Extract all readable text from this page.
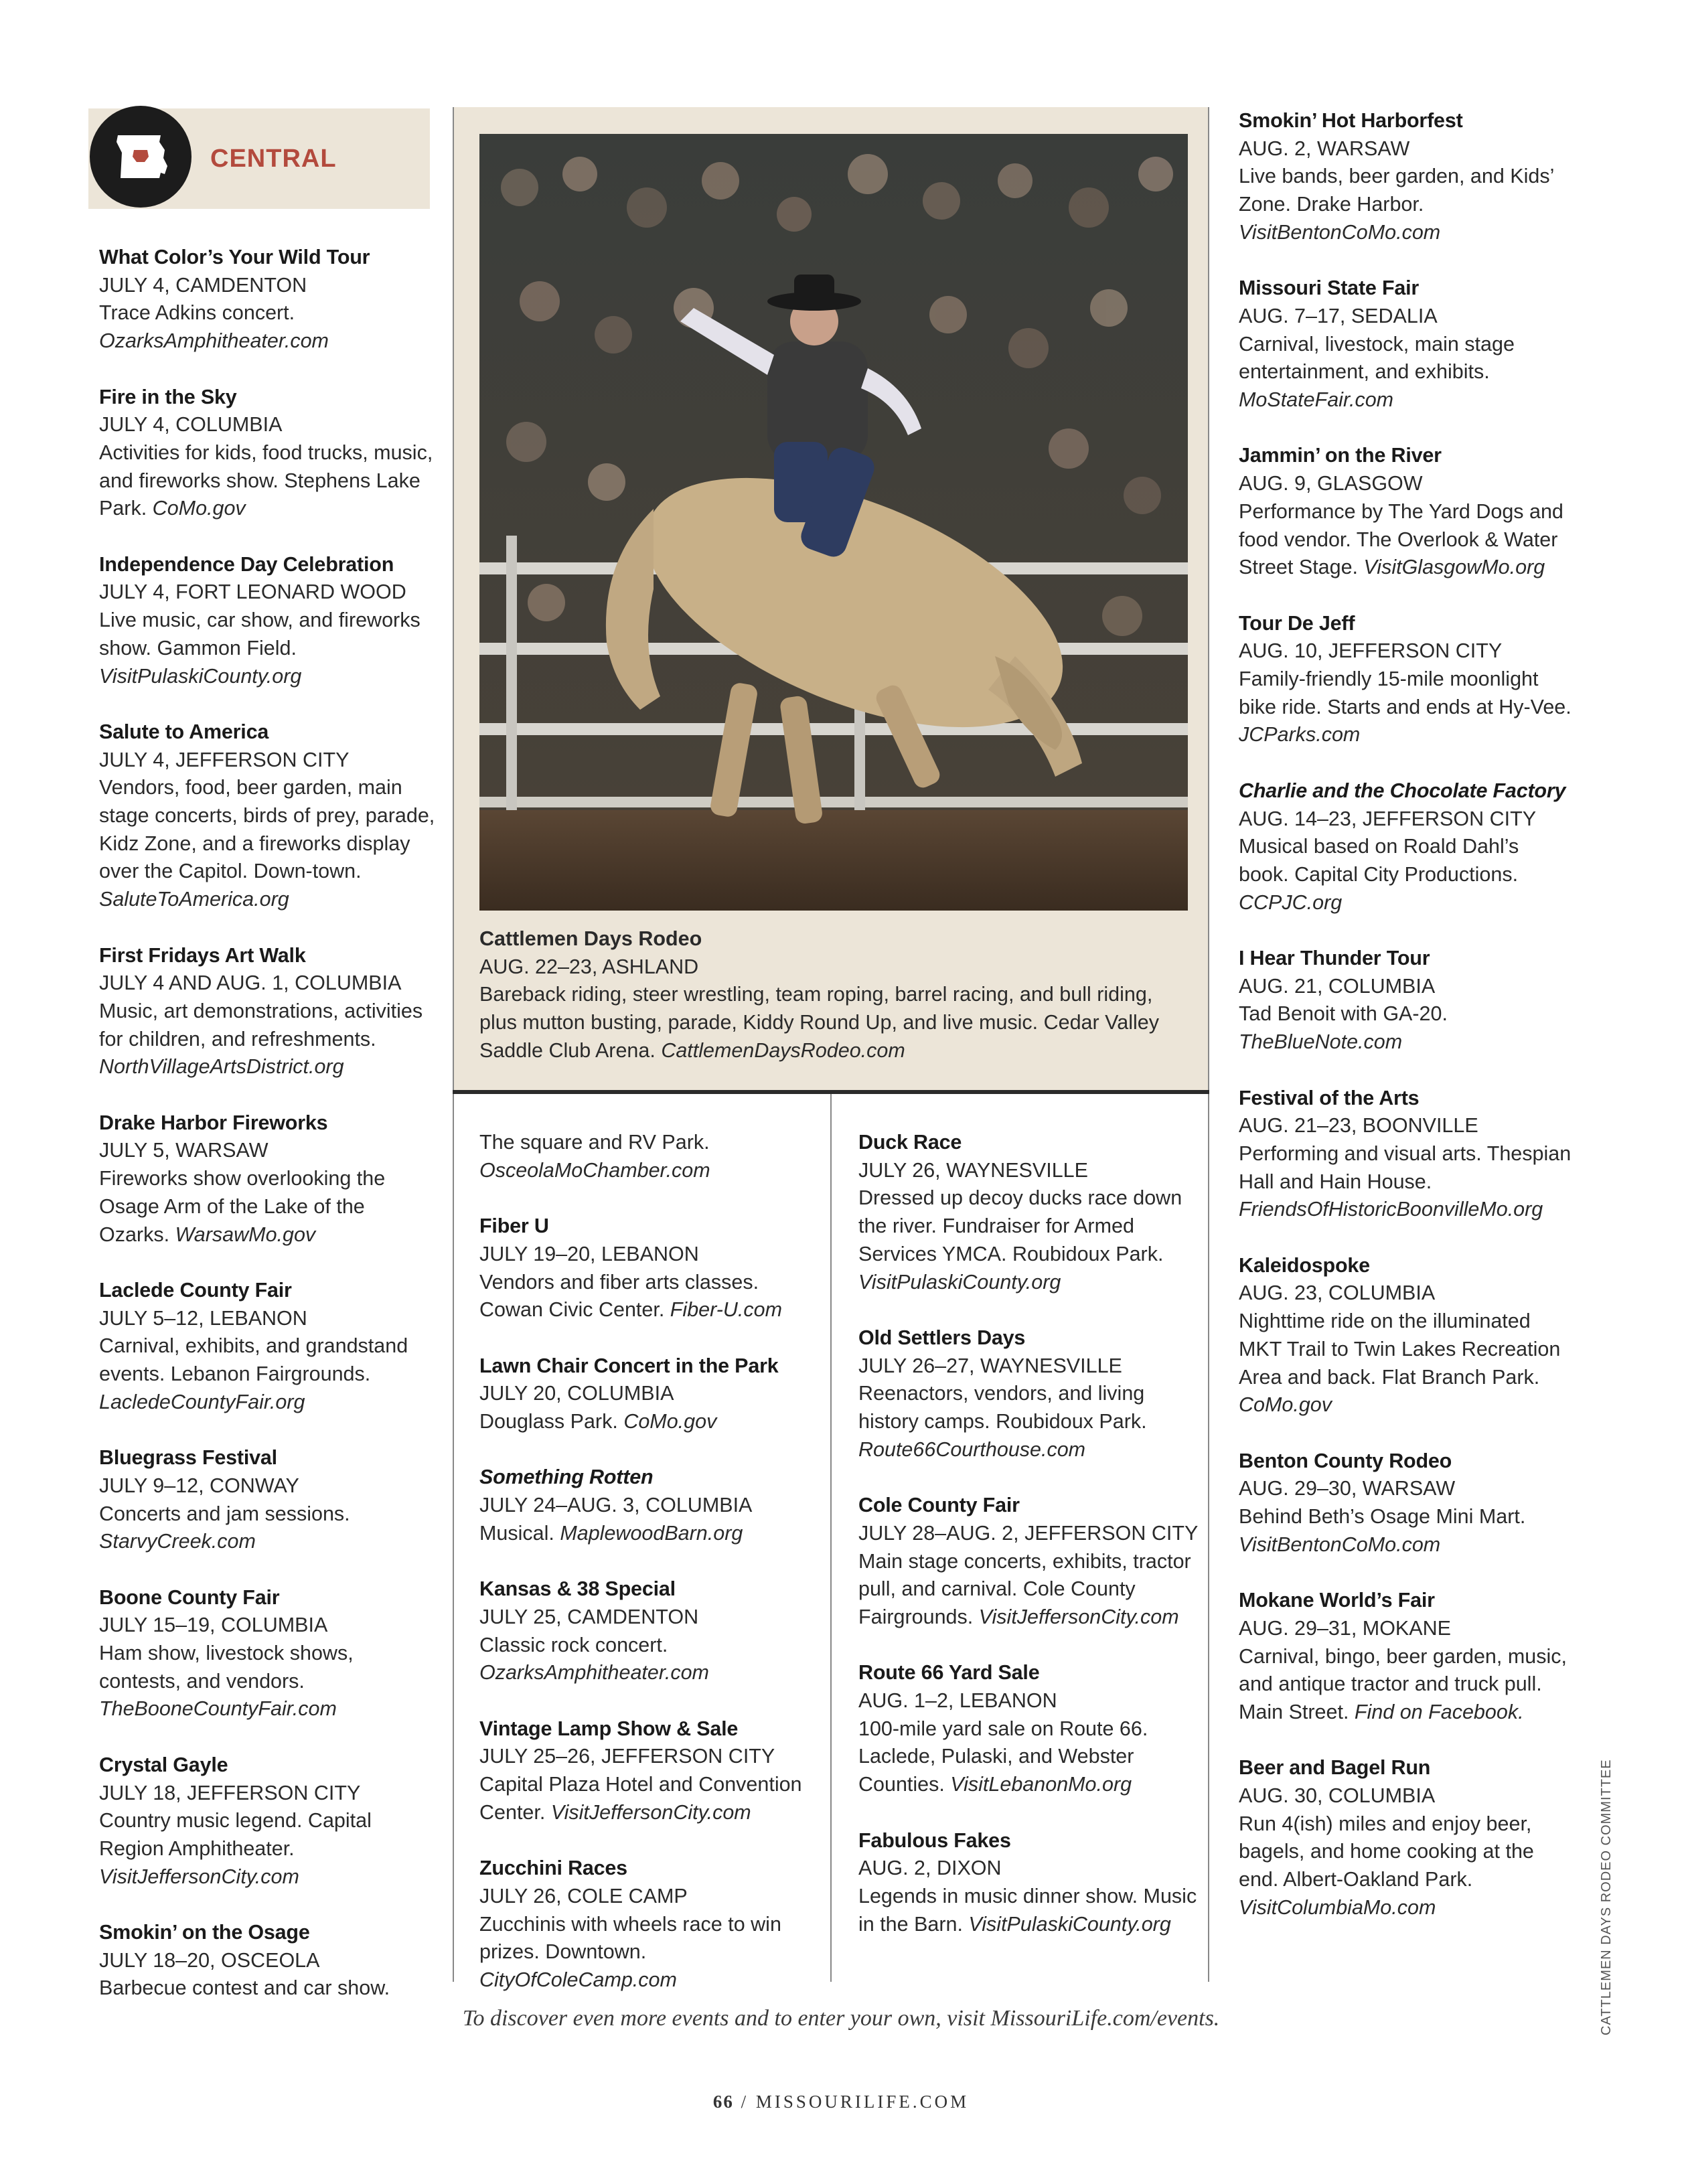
CENTRAL
What Color’s Your Wild Tour
JULY 4, CAMDENTON
Trace Adkins concert. OzarksAmphitheater.com
Fire in the Sky
JULY 4, COLUMBIA
Activities for kids, food trucks, music, and fireworks show. Stephens Lake Park. CoMo.gov
Independence Day Celebration
JULY 4, FORT LEONARD WOOD
Live music, car show, and fireworks show. Gammon Field. VisitPulaskiCounty.org
Salute to America
JULY 4, JEFFERSON CITY
Vendors, food, beer garden, main stage concerts, birds of prey, parade, Kidz Zone, and a fireworks display over the Capitol. Down-town. SaluteToAmerica.org
First Fridays Art Walk
JULY 4 AND AUG. 1, COLUMBIA
Music, art demonstrations, activities for children, and refreshments. NorthVillageArtsDistrict.org
Drake Harbor Fireworks
JULY 5, WARSAW
Fireworks show overlooking the Osage Arm of the Lake of the Ozarks. WarsawMo.gov
Laclede County Fair
JULY 5–12, LEBANON
Carnival, exhibits, and grandstand events. Lebanon Fairgrounds. LacledeCountyFair.org
Bluegrass Festival
JULY 9–12, CONWAY
Concerts and jam sessions. StarvyCreek.com
Boone County Fair
JULY 15–19, COLUMBIA
Ham show, livestock shows, contests, and vendors. TheBooneCountyFair.com
Crystal Gayle
JULY 18, JEFFERSON CITY
Country music legend. Capital Region Amphitheater. VisitJeffersonCity.com
Smokin’ on the Osage
JULY 18–20, OSCEOLA
Barbecue contest and car show.
Cattlemen Days Rodeo
AUG. 22–23, ASHLAND
Bareback riding, steer wrestling, team roping, barrel racing, and bull riding, plus mutton busting, parade, Kiddy Round Up, and live music. Cedar Valley Saddle Club Arena. CattlemenDaysRodeo.com
The square and RV Park.
OsceolaMoChamber.com
Fiber U
JULY 19–20, LEBANON
Vendors and fiber arts classes. Cowan Civic Center. Fiber-U.com
Lawn Chair Concert in the Park
JULY 20, COLUMBIA
Douglass Park. CoMo.gov
Something Rotten
JULY 24–AUG. 3, COLUMBIA
Musical. MaplewoodBarn.org
Kansas & 38 Special
JULY 25, CAMDENTON
Classic rock concert. OzarksAmphitheater.com
Vintage Lamp Show & Sale
JULY 25–26, JEFFERSON CITY
Capital Plaza Hotel and Convention Center. VisitJeffersonCity.com
Zucchini Races
JULY 26, COLE CAMP
Zucchinis with wheels race to win prizes. Downtown. CityOfColeCamp.com
Duck Race
JULY 26, WAYNESVILLE
Dressed up decoy ducks race down the river. Fundraiser for Armed Services YMCA. Roubidoux Park. VisitPulaskiCounty.org
Old Settlers Days
JULY 26–27, WAYNESVILLE
Reenactors, vendors, and living history camps. Roubidoux Park. Route66Courthouse.com
Cole County Fair
JULY 28–AUG. 2, JEFFERSON CITY
Main stage concerts, exhibits, tractor pull, and carnival. Cole County Fairgrounds. VisitJeffersonCity.com
Route 66 Yard Sale
AUG. 1–2, LEBANON
100-mile yard sale on Route 66. Laclede, Pulaski, and Webster Counties. VisitLebanonMo.org
Fabulous Fakes
AUG. 2, DIXON
Legends in music dinner show. Music in the Barn. VisitPulaskiCounty.org
Smokin’ Hot Harborfest
AUG. 2, WARSAW
Live bands, beer garden, and Kids’ Zone. Drake Harbor. VisitBentonCoMo.com
Missouri State Fair
AUG. 7–17, SEDALIA
Carnival, livestock, main stage entertainment, and exhibits. MoStateFair.com
Jammin’ on the River
AUG. 9, GLASGOW
Performance by The Yard Dogs and food vendor. The Overlook & Water Street Stage. VisitGlasgowMo.org
Tour De Jeff
AUG. 10, JEFFERSON CITY
Family-friendly 15-mile moonlight bike ride. Starts and ends at Hy-Vee. JCParks.com
Charlie and the Chocolate Factory
AUG. 14–23, JEFFERSON CITY
Musical based on Roald Dahl’s book. Capital City Productions. CCPJC.org
I Hear Thunder Tour
AUG. 21, COLUMBIA
Tad Benoit with GA-20. TheBlueNote.com
Festival of the Arts
AUG. 21–23, BOONVILLE
Performing and visual arts. Thespian Hall and Hain House. FriendsOfHistoricBoonvilleMo.org
Kaleidospoke
AUG. 23, COLUMBIA
Nighttime ride on the illuminated MKT Trail to Twin Lakes Recreation Area and back. Flat Branch Park. CoMo.gov
Benton County Rodeo
AUG. 29–30, WARSAW
Behind Beth’s Osage Mini Mart. VisitBentonCoMo.com
Mokane World’s Fair
AUG. 29–31, MOKANE
Carnival, bingo, beer garden, music, and antique tractor and truck pull. Main Street. Find on Facebook.
Beer and Bagel Run
AUG. 30, COLUMBIA
Run 4(ish) miles and enjoy beer, bagels, and home cooking at the end. Albert-Oakland Park. VisitColumbiaMo.com
To discover even more events and to enter your own, visit MissouriLife.com/events.
66 / MISSOURILIFE.COM
CATTLEMEN DAYS RODEO COMMITTEE
